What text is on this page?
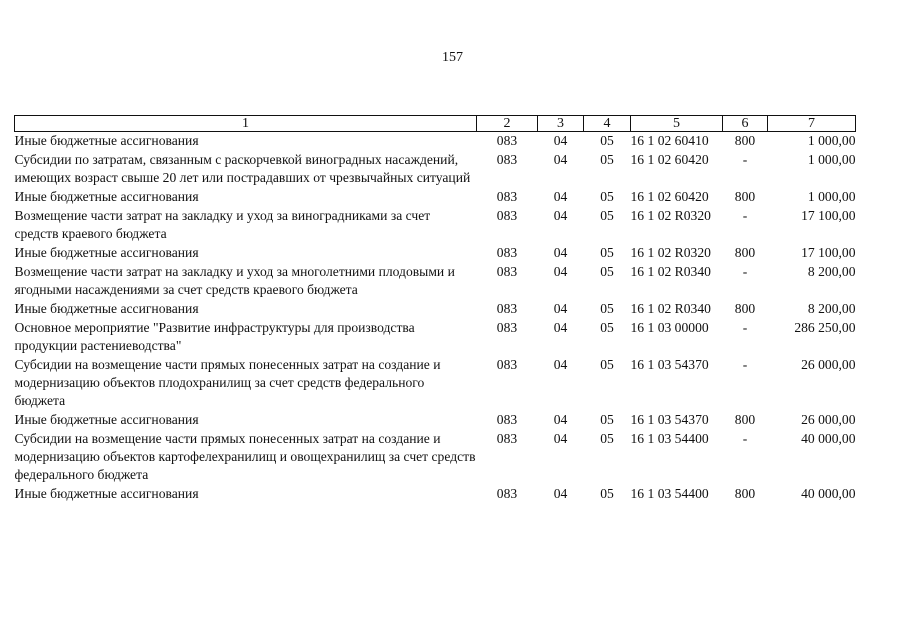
157
1	2	3	4	5	6	7
Иные бюджетные ассигнования	083	04	05	16 1 02 60410	800	1 000,00
Субсидии по затратам, связанным с раскорчевкой виноградных насаждений, имеющих возраст свыше 20 лет или пострадавших от чрезвычайных ситуаций	083	04	05	16 1 02 60420	-	1 000,00
Иные бюджетные ассигнования	083	04	05	16 1 02 60420	800	1 000,00
Возмещение части затрат на закладку и уход за виноградниками за счет средств краевого бюджета	083	04	05	16 1 02 R0320	-	17 100,00
Иные бюджетные ассигнования	083	04	05	16 1 02 R0320	800	17 100,00
Возмещение части затрат на закладку и уход за многолетними плодовыми и ягодными насаждениями за счет средств краевого бюджета	083	04	05	16 1 02 R0340	-	8 200,00
Иные бюджетные ассигнования	083	04	05	16 1 02 R0340	800	8 200,00
Основное мероприятие "Развитие инфраструктуры для производства продукции растениеводства"	083	04	05	16 1 03 00000	-	286 250,00
Субсидии на возмещение части прямых понесенных затрат на создание и модернизацию объектов плодохранилищ за счет средств федерального бюджета	083	04	05	16 1 03 54370	-	26 000,00
Иные бюджетные ассигнования	083	04	05	16 1 03 54370	800	26 000,00
Субсидии на возмещение части прямых понесенных затрат на создание и модернизацию объектов картофелехранилищ и овощехранилищ за счет средств федерального бюджета	083	04	05	16 1 03 54400	-	40 000,00
Иные бюджетные ассигнования	083	04	05	16 1 03 54400	800	40 000,00
